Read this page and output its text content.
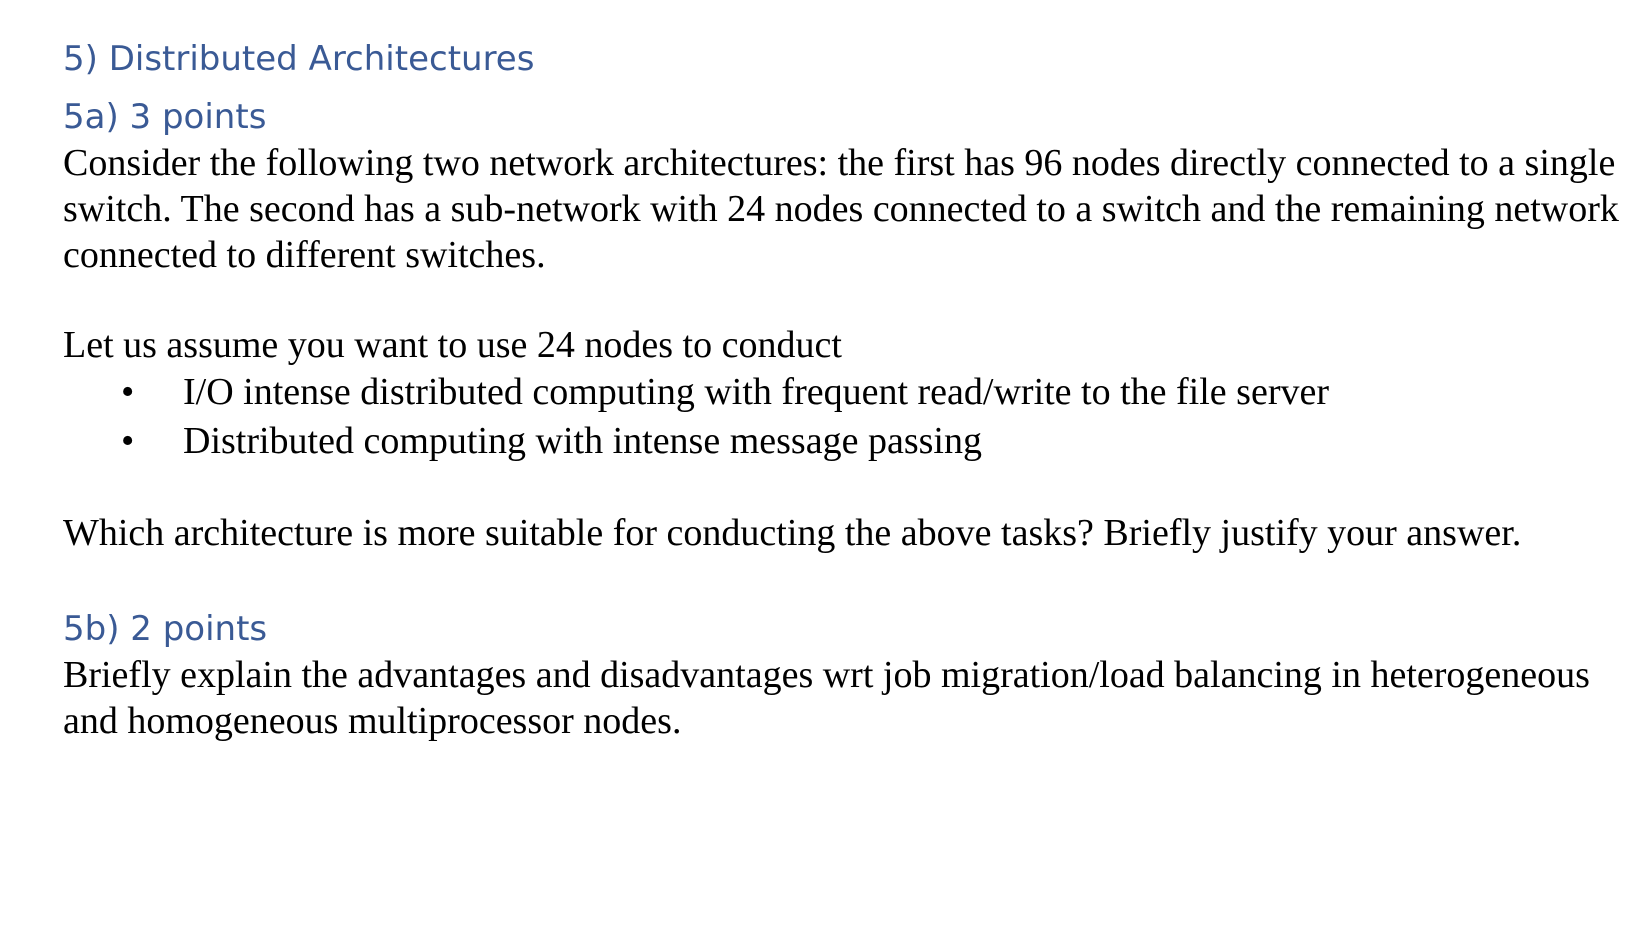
5) Distributed Architectures
5a) 3 points

Consider the following two network architectures: the first has 96 nodes directly connected to a single switch. The second has a sub-network with 24 nodes connected to a switch and the remaining network connected to different switches.

Let us assume you want to use 24 nodes to conduct

• I/O intense distributed computing with frequent read/write to the file server
• Distributed computing with intense message passing

Which architecture is more suitable for conducting the above tasks? Briefly justify your answer.

5b) 2 points

Briefly explain the advantages and disadvantages wrt job migration/load balancing in heterogeneous and homogeneous multiprocessor nodes.
